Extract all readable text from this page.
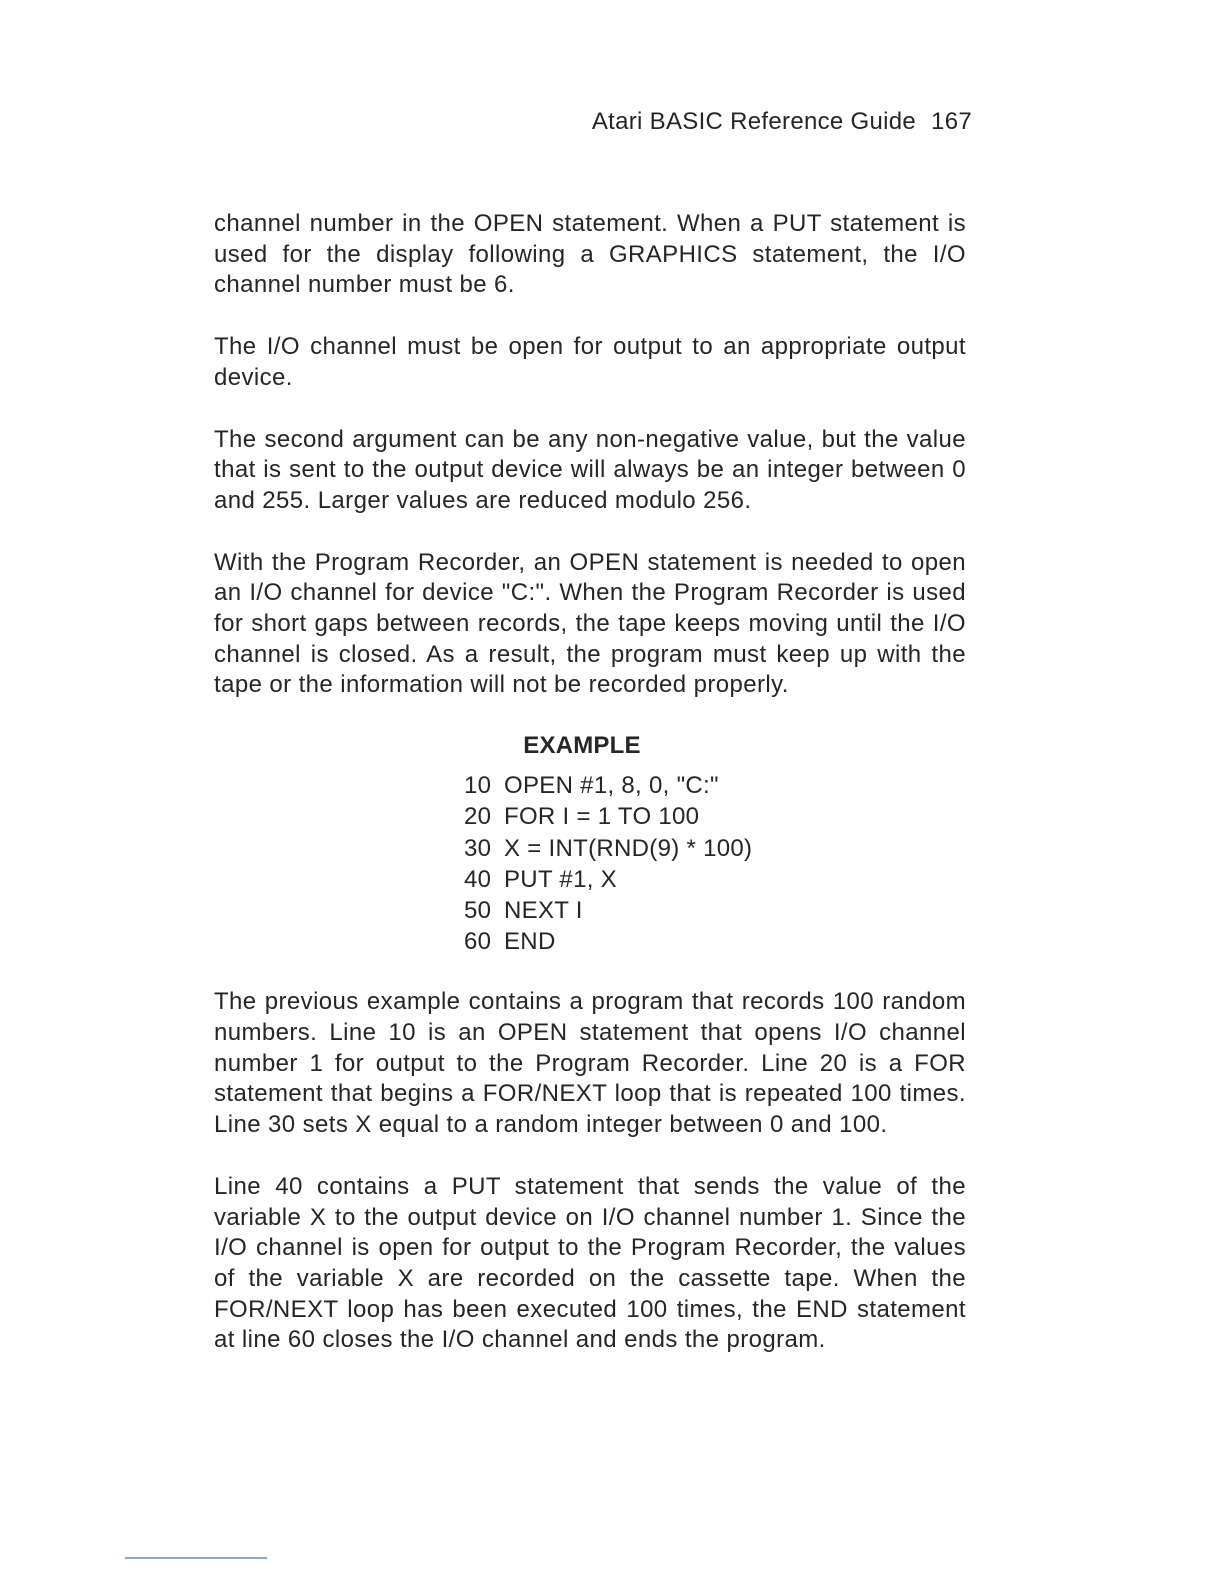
Atari BASIC Reference Guide 167

channel number in the OPEN statement. When a PUT statement is used for the display following a GRAPHICS statement, the I/O channel number must be 6.

The I/O channel must be open for output to an appropriate output device.

The second argument can be any non-negative value, but the value that is sent to the output device will always be an integer between 0 and 255. Larger values are reduced modulo 256.

With the Program Recorder, an OPEN statement is needed to open an I/O channel for device "C:". When the Program Recorder is used for short gaps between records, the tape keeps moving until the I/O channel is closed. As a result, the program must keep up with the tape or the information will not be recorded properly.

EXAMPLE
10 OPEN #1, 8, 0, "C:"
20 FOR I = 1 TO 100
30 X = INT(RND(9) * 100)
40 PUT #1, X
50 NEXT I
60 END

The previous example contains a program that records 100 random numbers. Line 10 is an OPEN statement that opens I/O channel number 1 for output to the Program Recorder. Line 20 is a FOR statement that begins a FOR/NEXT loop that is repeated 100 times. Line 30 sets X equal to a random integer between 0 and 100.

Line 40 contains a PUT statement that sends the value of the variable X to the output device on I/O channel number 1. Since the I/O channel is open for output to the Program Recorder, the values of the variable X are recorded on the cassette tape. When the FOR/NEXT loop has been executed 100 times, the END statement at line 60 closes the I/O channel and ends the program.
